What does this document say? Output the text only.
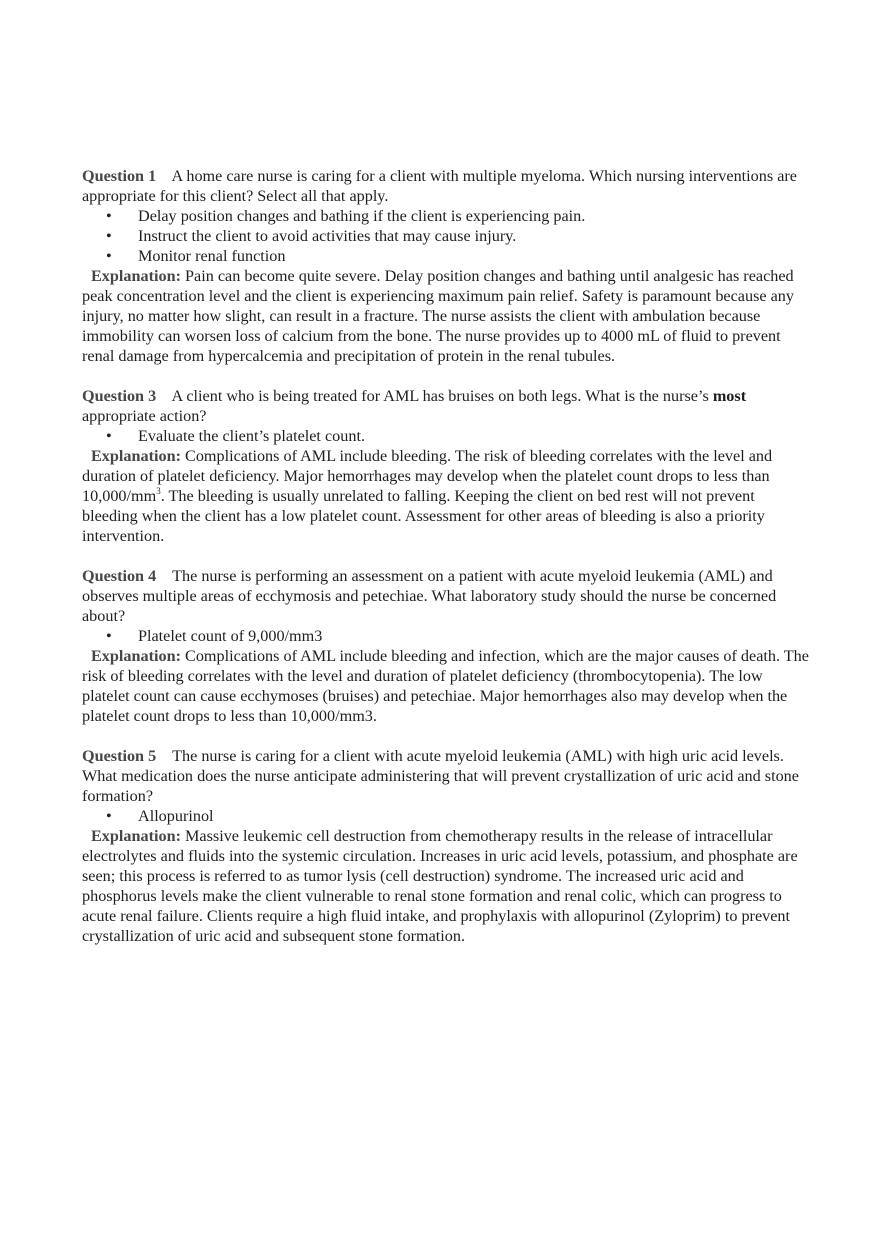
Question 1 A home care nurse is caring for a client with multiple myeloma. Which nursing interventions are appropriate for this client? Select all that apply.

• Delay position changes and bathing if the client is experiencing pain.
• Instruct the client to avoid activities that may cause injury.
• Monitor renal function

Explanation: Pain can become quite severe. Delay position changes and bathing until analgesic has reached peak concentration level and the client is experiencing maximum pain relief. Safety is paramount because any injury, no matter how slight, can result in a fracture. The nurse assists the client with ambulation because immobility can worsen loss of calcium from the bone. The nurse provides up to 4000 mL of fluid to prevent renal damage from hypercalcemia and precipitation of protein in the renal tubules.

Question 3 A client who is being treated for AML has bruises on both legs. What is the nurse’s most appropriate action?

• Evaluate the client’s platelet count.

Explanation: Complications of AML include bleeding. The risk of bleeding correlates with the level and duration of platelet deficiency. Major hemorrhages may develop when the platelet count drops to less than $10,000/mm^3$. The bleeding is usually unrelated to falling. Keeping the client on bed rest will not prevent bleeding when the client has a low platelet count. Assessment for other areas of bleeding is also a priority intervention.

Question 4 The nurse is performing an assessment on a patient with acute myeloid leukemia (AML) and observes multiple areas of ecchymosis and petechiae. What laboratory study should the nurse be concerned about?

• Platelet count of 9,000/mm3

Explanation: Complications of AML include bleeding and infection, which are the major causes of death. The risk of bleeding correlates with the level and duration of platelet deficiency (thrombocytopenia). The low platelet count can cause ecchymoses (bruises) and petechiae. Major hemorrhages also may develop when the platelet count drops to less than 10,000/mm3.

Question 5 The nurse is caring for a client with acute myeloid leukemia (AML) with high uric acid levels. What medication does the nurse anticipate administering that will prevent crystallization of uric acid and stone formation?

• Allopurinol

Explanation: Massive leukemic cell destruction from chemotherapy results in the release of intracellular electrolytes and fluids into the systemic circulation. Increases in uric acid levels, potassium, and phosphate are seen; this process is referred to as tumor lysis (cell destruction) syndrome. The increased uric acid and phosphorus levels make the client vulnerable to renal stone formation and renal colic, which can progress to acute renal failure. Clients require a high fluid intake, and prophylaxis with allopurinol (Zyloprim) to prevent crystallization of uric acid and subsequent stone formation.
